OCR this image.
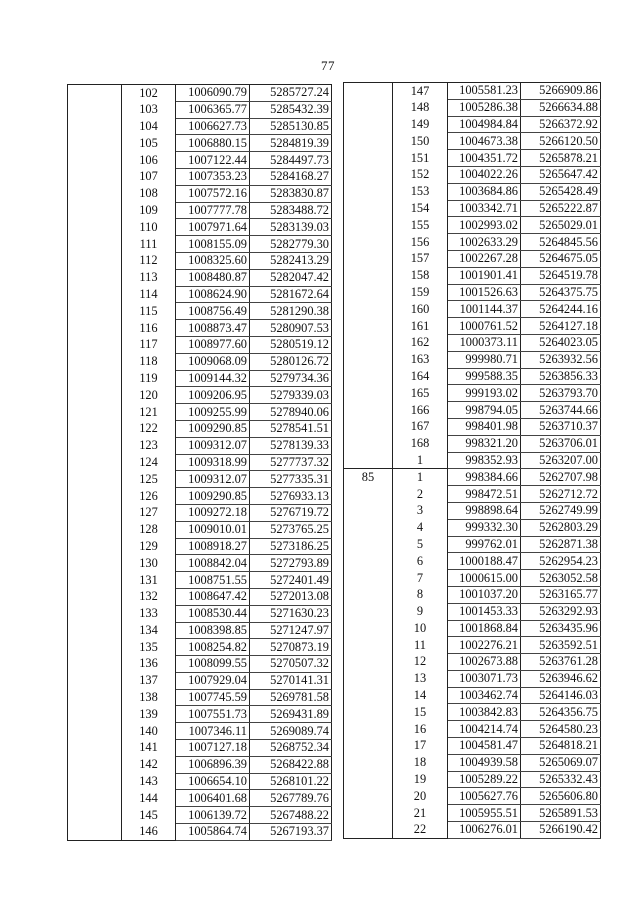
77
	102	1006090.79	5285727.24
	103	1006365.77	5285432.39
	104	1006627.73	5285130.85
	105	1006880.15	5284819.39
	106	1007122.44	5284497.73
	107	1007353.23	5284168.27
	108	1007572.16	5283830.87
	109	1007777.78	5283488.72
	110	1007971.64	5283139.03
	111	1008155.09	5282779.30
	112	1008325.60	5282413.29
	113	1008480.87	5282047.42
	114	1008624.90	5281672.64
	115	1008756.49	5281290.38
	116	1008873.47	5280907.53
	117	1008977.60	5280519.12
	118	1009068.09	5280126.72
	119	1009144.32	5279734.36
	120	1009206.95	5279339.03
	121	1009255.99	5278940.06
	122	1009290.85	5278541.51
	123	1009312.07	5278139.33
	124	1009318.99	5277737.32
	125	1009312.07	5277335.31
	126	1009290.85	5276933.13
	127	1009272.18	5276719.72
	128	1009010.01	5273765.25
	129	1008918.27	5273186.25
	130	1008842.04	5272793.89
	131	1008751.55	5272401.49
	132	1008647.42	5272013.08
	133	1008530.44	5271630.23
	134	1008398.85	5271247.97
	135	1008254.82	5270873.19
	136	1008099.55	5270507.32
	137	1007929.04	5270141.31
	138	1007745.59	5269781.58
	139	1007551.73	5269431.89
	140	1007346.11	5269089.74
	141	1007127.18	5268752.34
	142	1006896.39	5268422.88
	143	1006654.10	5268101.22
	144	1006401.68	5267789.76
	145	1006139.72	5267488.22
	146	1005864.74	5267193.37
	147	1005581.23	5266909.86
	148	1005286.38	5266634.88
	149	1004984.84	5266372.92
	150	1004673.38	5266120.50
	151	1004351.72	5265878.21
	152	1004022.26	5265647.42
	153	1003684.86	5265428.49
	154	1003342.71	5265222.87
	155	1002993.02	5265029.01
	156	1002633.29	5264845.56
	157	1002267.28	5264675.05
	158	1001901.41	5264519.78
	159	1001526.63	5264375.75
	160	1001144.37	5264244.16
	161	1000761.52	5264127.18
	162	1000373.11	5264023.05
	163	999980.71	5263932.56
	164	999588.35	5263856.33
	165	999193.02	5263793.70
	166	998794.05	5263744.66
	167	998401.98	5263710.37
	168	998321.20	5263706.01
	1	998352.93	5263207.00
85	1	998384.66	5262707.98
	2	998472.51	5262712.72
	3	998898.64	5262749.99
	4	999332.30	5262803.29
	5	999762.01	5262871.38
	6	1000188.47	5262954.23
	7	1000615.00	5263052.58
	8	1001037.20	5263165.77
	9	1001453.33	5263292.93
	10	1001868.84	5263435.96
	11	1002276.21	5263592.51
	12	1002673.88	5263761.28
	13	1003071.73	5263946.62
	14	1003462.74	5264146.03
	15	1003842.83	5264356.75
	16	1004214.74	5264580.23
	17	1004581.47	5264818.21
	18	1004939.58	5265069.07
	19	1005289.22	5265332.43
	20	1005627.76	5265606.80
	21	1005955.51	5265891.53
	22	1006276.01	5266190.42
